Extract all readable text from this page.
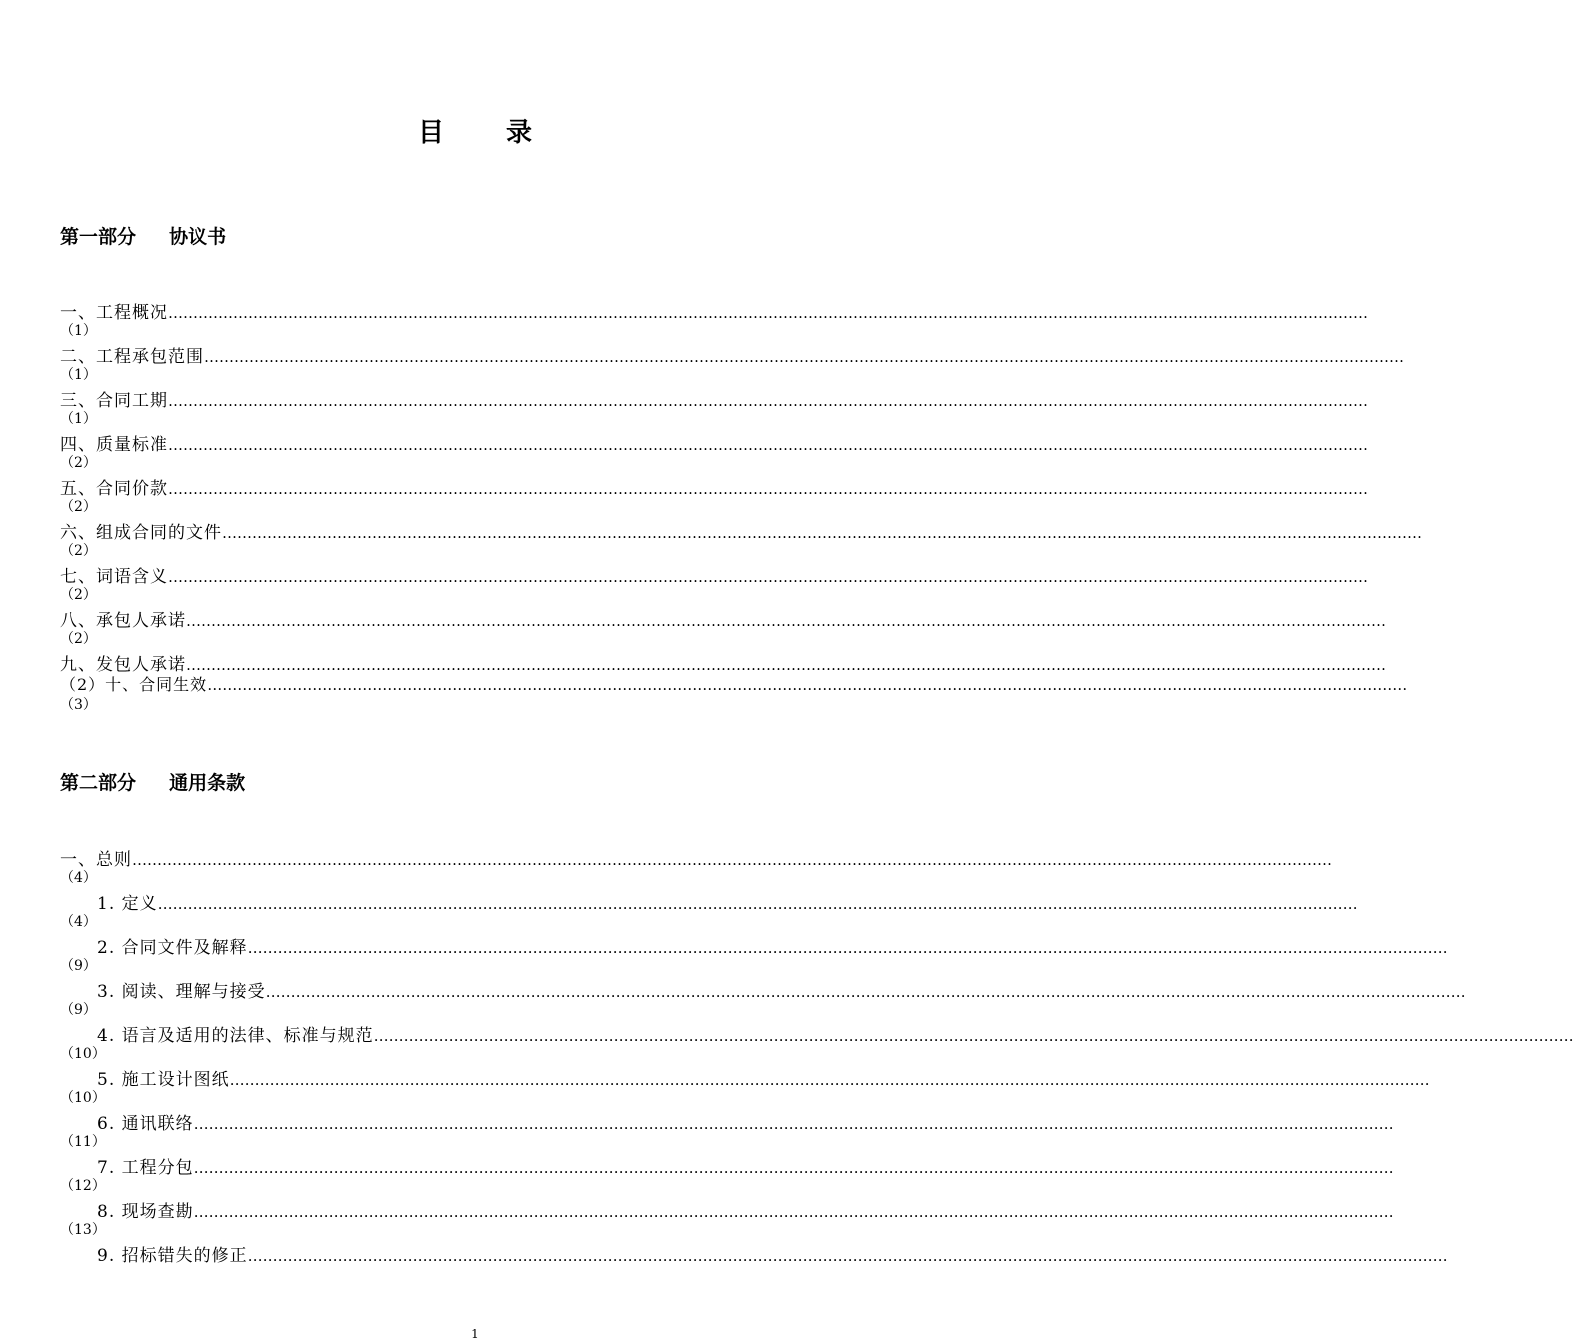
目 录
第一部分     协议书
一、工程概况 ……………………………………………………………………………………………………………………………………………………………………………………………………………………
（1）
二、工程承包范围 ……………………………………………………………………………………………………………………………………………………………………………………………………………………
（1）
三、合同工期 ……………………………………………………………………………………………………………………………………………………………………………………………………………………
（1）
四、质量标准 ……………………………………………………………………………………………………………………………………………………………………………………………………………………
（2）
五、合同价款 ……………………………………………………………………………………………………………………………………………………………………………………………………………………
（2）
六、组成合同的文件 ……………………………………………………………………………………………………………………………………………………………………………………………………………………
（2）
七、词语含义 ……………………………………………………………………………………………………………………………………………………………………………………………………………………
（2）
八、承包人承诺 ……………………………………………………………………………………………………………………………………………………………………………………………………………………
（2）
九、发包人承诺 ……………………………………………………………………………………………………………………………………………………………………………………………………………………
（2）十、合同生效 ……………………………………………………………………………………………………………………………………………………………………………………………………………………
（3）
第二部分     通用条款
一、总则 ……………………………………………………………………………………………………………………………………………………………………………………………………………………
（4）
1. 定义 ……………………………………………………………………………………………………………………………………………………………………………………………………………………
（4）
2. 合同文件及解释 ……………………………………………………………………………………………………………………………………………………………………………………………………………………
（9）
3. 阅读、理解与接受 ……………………………………………………………………………………………………………………………………………………………………………………………………………………
（9）
4. 语言及适用的法律、标准与规范 ……………………………………………………………………………………………………………………………………………………………………………………………………………………
（10）
5. 施工设计图纸 ……………………………………………………………………………………………………………………………………………………………………………………………………………………
（10）
6. 通讯联络 ……………………………………………………………………………………………………………………………………………………………………………………………………………………
（11）
7. 工程分包 ……………………………………………………………………………………………………………………………………………………………………………………………………………………
（12）
8. 现场查勘 ……………………………………………………………………………………………………………………………………………………………………………………………………………………
（13）
9. 招标错失的修正 ……………………………………………………………………………………………………………………………………………………………………………………………………………………
1
